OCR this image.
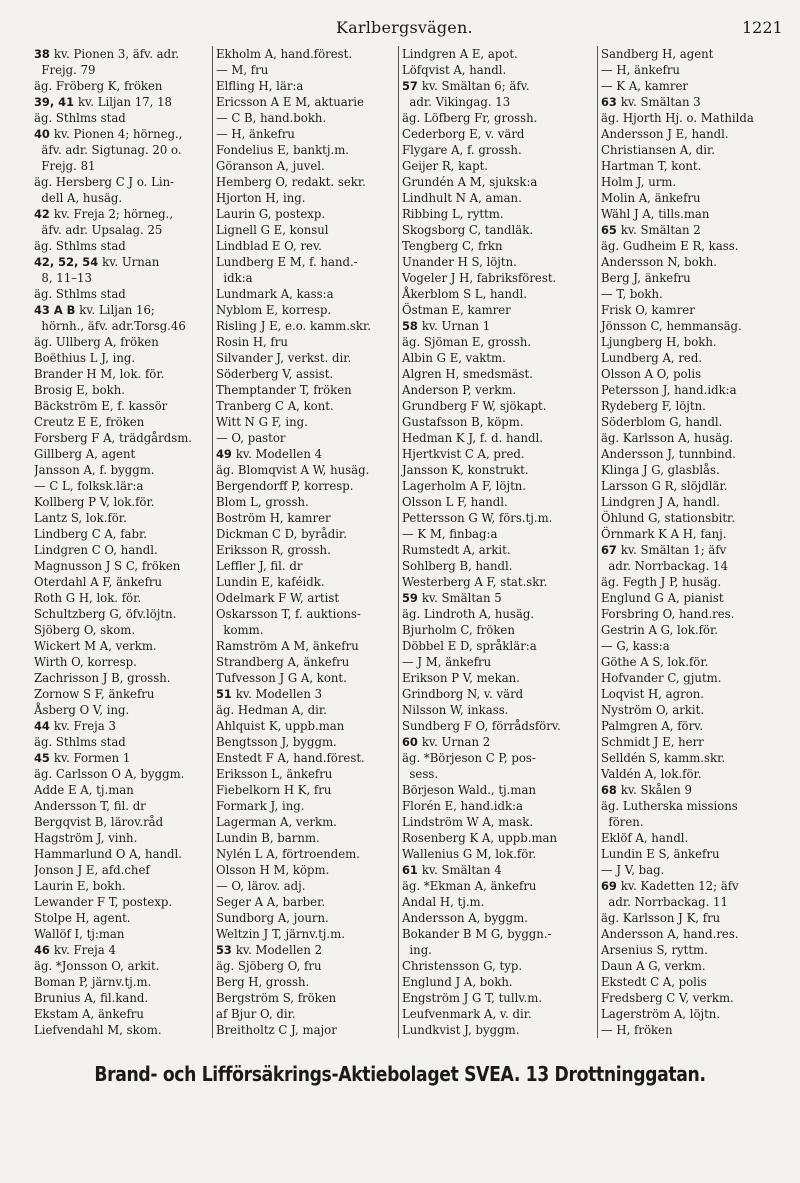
Karlbergsvägen.	1221
38 kv. Pionen 3, äfv. adr.
Frejg. 79
äg. Fröberg K, fröken
39, 41 kv. Liljan 17, 18
äg. Sthlms stad
40 kv. Pionen 4; hörneg.,
äfv. adr. Sigtunag. 20 o.
Frejg. 81
äg. Hersberg C J o. Lin-
dell A, husäg.
42 kv. Freja 2; hörneg.,
äfv. adr. Upsalag. 25
äg. Sthlms stad
42, 52, 54 kv. Urnan
8, 11–13
äg. Sthlms stad
43 A B kv. Liljan 16;
hörnh., äfv. adr.Torsg.46
äg. Ullberg A, fröken
Boëthius L J, ing.
Brander H M, lok. för.
Brosig E, bokh.
Bäckström E, f. kassör
Creutz E E, fröken
Forsberg F A, trädgårdsm.
Gillberg A, agent
Jansson A, f. byggm.
— C L, folksk.lär:a
Kollberg P V, lok.för.
Lantz S, lok.för.
Lindberg C A, fabr.
Lindgren C O, handl.
Magnusson J S C, fröken
Oterdahl A F, änkefru
Roth G H, lok. för.
Schultzberg G, öfv.löjtn.
Sjöberg O, skom.
Wickert M A, verkm.
Wirth O, korresp.
Zachrisson J B, grossh.
Zornow S F, änkefru
Åsberg O V, ing.
44 kv. Freja 3
äg. Sthlms stad
45 kv. Formen 1
äg. Carlsson O A, byggm.
Adde E A, tj.man
Andersson T, fil. dr
Bergqvist B, lärov.råd
Hagström J, vinh.
Hammarlund O A, handl.
Jonson J E, afd.chef
Laurin E, bokh.
Lewander F T, postexp.
Stolpe H, agent.
Wallöf I, tj:man
46 kv. Freja 4
äg. *Jonsson O, arkit.
Boman P, järnv.tj.m.
Brunius A, fil.kand.
Ekstam A, änkefru
Liefvendahl M, skom.
Ekholm A, hand.förest.
— M, fru
Elfling H, lär:a
Ericsson A E M, aktuarie
— C B, hand.bokh.
— H, änkefru
Fondelius E, banktj.m.
Göranson A, juvel.
Hemberg O, redakt. sekr.
Hjorton H, ing.
Laurin G, postexp.
Lignell G E, konsul
Lindblad E O, rev.
Lundberg E M, f. hand.-
idk:a
Lundmark A, kass:a
Nyblom E, korresp.
Risling J E, e.o. kamm.skr.
Rosin H, fru
Silvander J, verkst. dir.
Söderberg V, assist.
Themptander T, fröken
Tranberg C A, kont.
Witt N G F, ing.
— O, pastor
49 kv. Modellen 4
äg. Blomqvist A W, husäg.
Bergendorff P, korresp.
Blom L, grossh.
Boström H, kamrer
Dickman C D, byrådir.
Eriksson R, grossh.
Leffler J, fil. dr
Lundin E, kaféidk.
Odelmark F W, artist
Oskarsson T, f. auktions-
komm.
Ramström A M, änkefru
Strandberg A, änkefru
Tufvesson J G A, kont.
51 kv. Modellen 3
äg. Hedman A, dir.
Ahlquist K, uppb.man
Bengtsson J, byggm.
Enstedt F A, hand.förest.
Eriksson L, änkefru
Fiebelkorn H K, fru
Formark J, ing.
Lagerman A, verkm.
Lundin B, barnm.
Nylén L A, förtroendem.
Olsson H M, köpm.
— O, lärov. adj.
Seger A A, barber.
Sundborg A, journ.
Weltzin J T, järnv.tj.m.
53 kv. Modellen 2
äg. Sjöberg O, fru
Berg H, grossh.
Bergström S, fröken
af Bjur O, dir.
Breitholtz C J, major
Lindgren A E, apot.
Löfqvist A, handl.
57 kv. Smältan 6; äfv.
adr. Vikingag. 13
äg. Löfberg Fr, grossh.
Cederborg E, v. värd
Flygare A, f. grossh.
Geijer R, kapt.
Grundén A M, sjuksk:a
Lindhult N A, aman.
Ribbing L, ryttm.
Skogsborg C, tandläk.
Tengberg C, frkn
Unander H S, löjtn.
Vogeler J H, fabriksförest.
Åkerblom S L, handl.
Östman E, kamrer
58 kv. Urnan 1
äg. Sjöman E, grossh.
Albin G E, vaktm.
Algren H, smedsmäst.
Anderson P, verkm.
Grundberg F W, sjökapt.
Gustafsson B, köpm.
Hedman K J, f. d. handl.
Hjertkvist C A, pred.
Jansson K, konstrukt.
Lagerholm A F, löjtn.
Olsson L F, handl.
Pettersson G W, förs.tj.m.
— K M, finbag:a
Rumstedt A, arkit.
Sohlberg B, handl.
Westerberg A F, stat.skr.
59 kv. Smältan 5
äg. Lindroth A, husäg.
Bjurholm C, fröken
Döbbel E D, språklär:a
— J M, änkefru
Erikson P V, mekan.
Grindborg N, v. värd
Nilsson W, inkass.
Sundberg F O, förrådsförv.
60 kv. Urnan 2
äg. *Börjeson C P, pos-
sess.
Börjeson Wald., tj.man
Florén E, hand.idk:a
Lindström W A, mask.
Rosenberg K A, uppb.man
Wallenius G M, lok.för.
61 kv. Smältan 4
äg. *Ekman A, änkefru
Andal H, tj.m.
Andersson A, byggm.
Bokander B M G, byggn.-
ing.
Christensson G, typ.
Englund J A, bokh.
Engström J G T, tullv.m.
Leufvenmark A, v. dir.
Lundkvist J, byggm.
Sandberg H, agent
— H, änkefru
— K A, kamrer
63 kv. Smältan 3
äg. Hjorth Hj. o. Mathilda
Andersson J E, handl.
Christiansen A, dir.
Hartman T, kont.
Holm J, urm.
Molin A, änkefru
Wähl J A, tills.man
65 kv. Smältan 2
äg. Gudheim E R, kass.
Andersson N, bokh.
Berg J, änkefru
— T, bokh.
Frisk O, kamrer
Jönsson C, hemmansäg.
Ljungberg H, bokh.
Lundberg A, red.
Olsson A O, polis
Petersson J, hand.idk:a
Rydeberg F, löjtn.
Söderblom G, handl.
äg. Karlsson A, husäg.
Andersson J, tunnbind.
Klinga J G, glasblås.
Larsson G R, slöjdlär.
Lindgren J A, handl.
Öhlund G, stationsbitr.
Örnmark K A H, fanj.
67 kv. Smältan 1; äfv
adr. Norrbackag. 14
äg. Fegth J P, husäg.
Englund G A, pianist
Forsbring O, hand.res.
Gestrin A G, lok.för.
— G, kass:a
Göthe A S, lok.för.
Hofvander C, gjutm.
Loqvist H, agron.
Nyström O, arkit.
Palmgren A, förv.
Schmidt J E, herr
Selldén S, kamm.skr.
Valdén A, lok.för.
68 kv. Skålen 9
äg. Lutherska missions
fören.
Eklöf A, handl.
Lundin E S, änkefru
— J V, bag.
69 kv. Kadetten 12; äfv
adr. Norrbackag. 11
äg. Karlsson J K, fru
Andersson A, hand.res.
Arsenius S, ryttm.
Daun A G, verkm.
Ekstedt C A, polis
Fredsberg C V, verkm.
Lagerström A, löjtn.
— H, fröken
Brand- och Lifförsäkrings-Aktiebolaget SVEA. 13 Drottninggatan.
